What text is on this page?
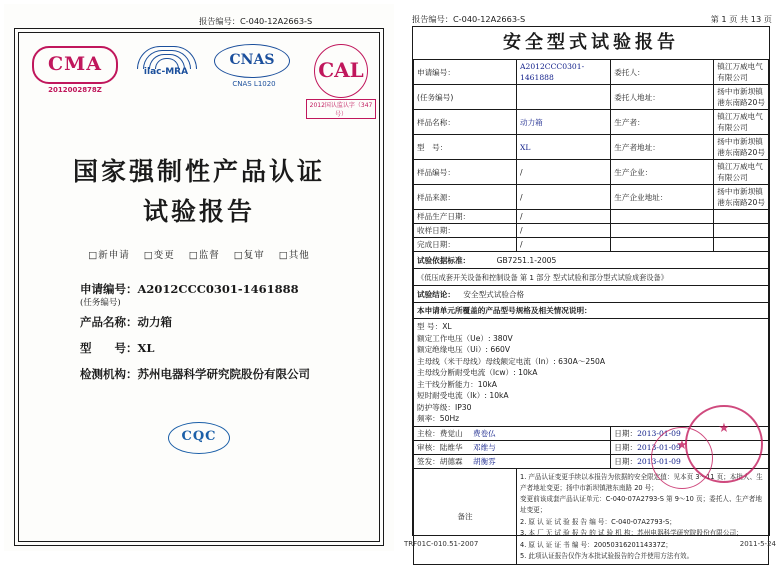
报告编号：C-040-12A2663-S
CMA
2012002878Z
ilac-MRA
CNAS
CNAS L1020
CAL
2012国认监认字（347号）
国家强制性产品认证
试验报告
□新申请 □变更 □监督 □复审 □其他
申请编号：A2012CCC0301-1461888
(任务编号)
产品名称：动力箱
型　　号：XL
检测机构：苏州电器科学研究院股份有限公司
CQC
报告编号：C-040-12A2663-S	第 1 页 共 13 页
安全型式试验报告
申请编号：	A2012CCC0301-1461888	委托人：	镇江万威电气有限公司
(任务编号)		委托人地址：	扬中市新坝镇港东南路20号
样品名称：	动力箱	生产者：	镇江万威电气有限公司
型　号：	XL	生产者地址：	扬中市新坝镇港东南路20号
样品编号：	/	生产企业：	镇江万威电气有限公司
样品来源：	/	生产企业地址：	扬中市新坝镇港东南路20号
样品生产日期：	/		
收样日期：	/		
完成日期：	/		
试验依据标准： GB7251.1-2005			
《低压成套开关设备和控制设备 第 1 部分 型式试验和部分型式试验成套设备》			
试验结论： 安全型式试验合格			
本申请单元所覆盖的产品型号规格及相关情况说明：			

型 号：XL
额定工作电压（Ue）: 380V
额定绝缘电压（Ui）: 660V
主母线（米干母线）母线额定电流（In）: 630A～250A
主母线分断耐受电流（Icw）: 10kA
主干线分断能力：10kA
短时耐受电流（Ik）: 10kA
防护等级：IP30
频率：50Hz

主检：费觉山 费卷仏		日期：2013-01-09	
审核：陆维华 邓维与		日期：2013-01-09	
签发：胡德霖 胡衡雰		日期：2013-01-09	
备注	
1. 产品认证变更手续以本报告为依据的安全限定值：见本页 3～11 页；本批人、生产者地址变更；扬中市新坝镇港东南路 20 号；
变更前该成套产品认证单元：C-040-07A2793-S 第 9～10 页；委托人、生产者地址变更；
2. 原 认 证 试 验 报 告 编 号：C-040-07A2793-S；
3. 本 厂 无 试 验 报 告 的 试 验 机 构：苏州电器科学研究院股份有限公司；
4. 原 认 证 证 书 编 号：2005031620114337Z；
5. 此项认证报告仅作为本批试验报告的合并使用方法有效。
★
★
TRF01C-010.51-2007	2011-5-24
